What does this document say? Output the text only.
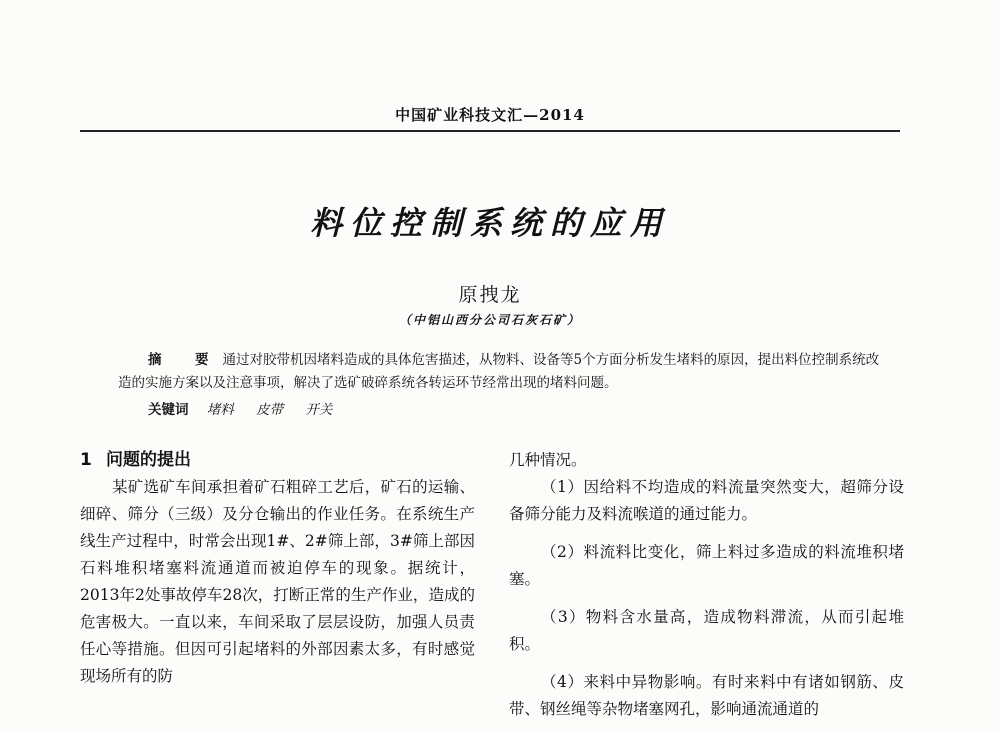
中国矿业科技文汇—2014
料位控制系统的应用
原拽龙
（中铝山西分公司石灰石矿）
摘　要 通过对胶带机因堵料造成的具体危害描述，从物料、设备等5个方面分析发生堵料的原因，提出料位控制系统改造的实施方案以及注意事项，解决了选矿破碎系统各转运环节经常出现的堵料问题。
关键词 堵料 皮带 开关
1 问题的提出

某矿选矿车间承担着矿石粗碎工艺后，矿石的运输、细碎、筛分（三级）及分仓输出的作业任务。在系统生产线生产过程中，时常会出现1#、2#筛上部，3#筛上部因石料堆积堵塞料流通道而被迫停车的现象。据统计，2013年2处事故停车28次，打断正常的生产作业，造成的危害极大。一直以来，车间采取了层层设防，加强人员责任心等措施。但因可引起堵料的外部因素太多，有时感觉现场所有的防

几种情况。

（1）因给料不均造成的料流量突然变大，超筛分设备筛分能力及料流喉道的通过能力。

（2）料流料比变化，筛上料过多造成的料流堆积堵塞。

（3）物料含水量高，造成物料滞流，从而引起堆积。

（4）来料中异物影响。有时来料中有诸如钢筋、皮带、钢丝绳等杂物堵塞网孔，影响通流通道的
